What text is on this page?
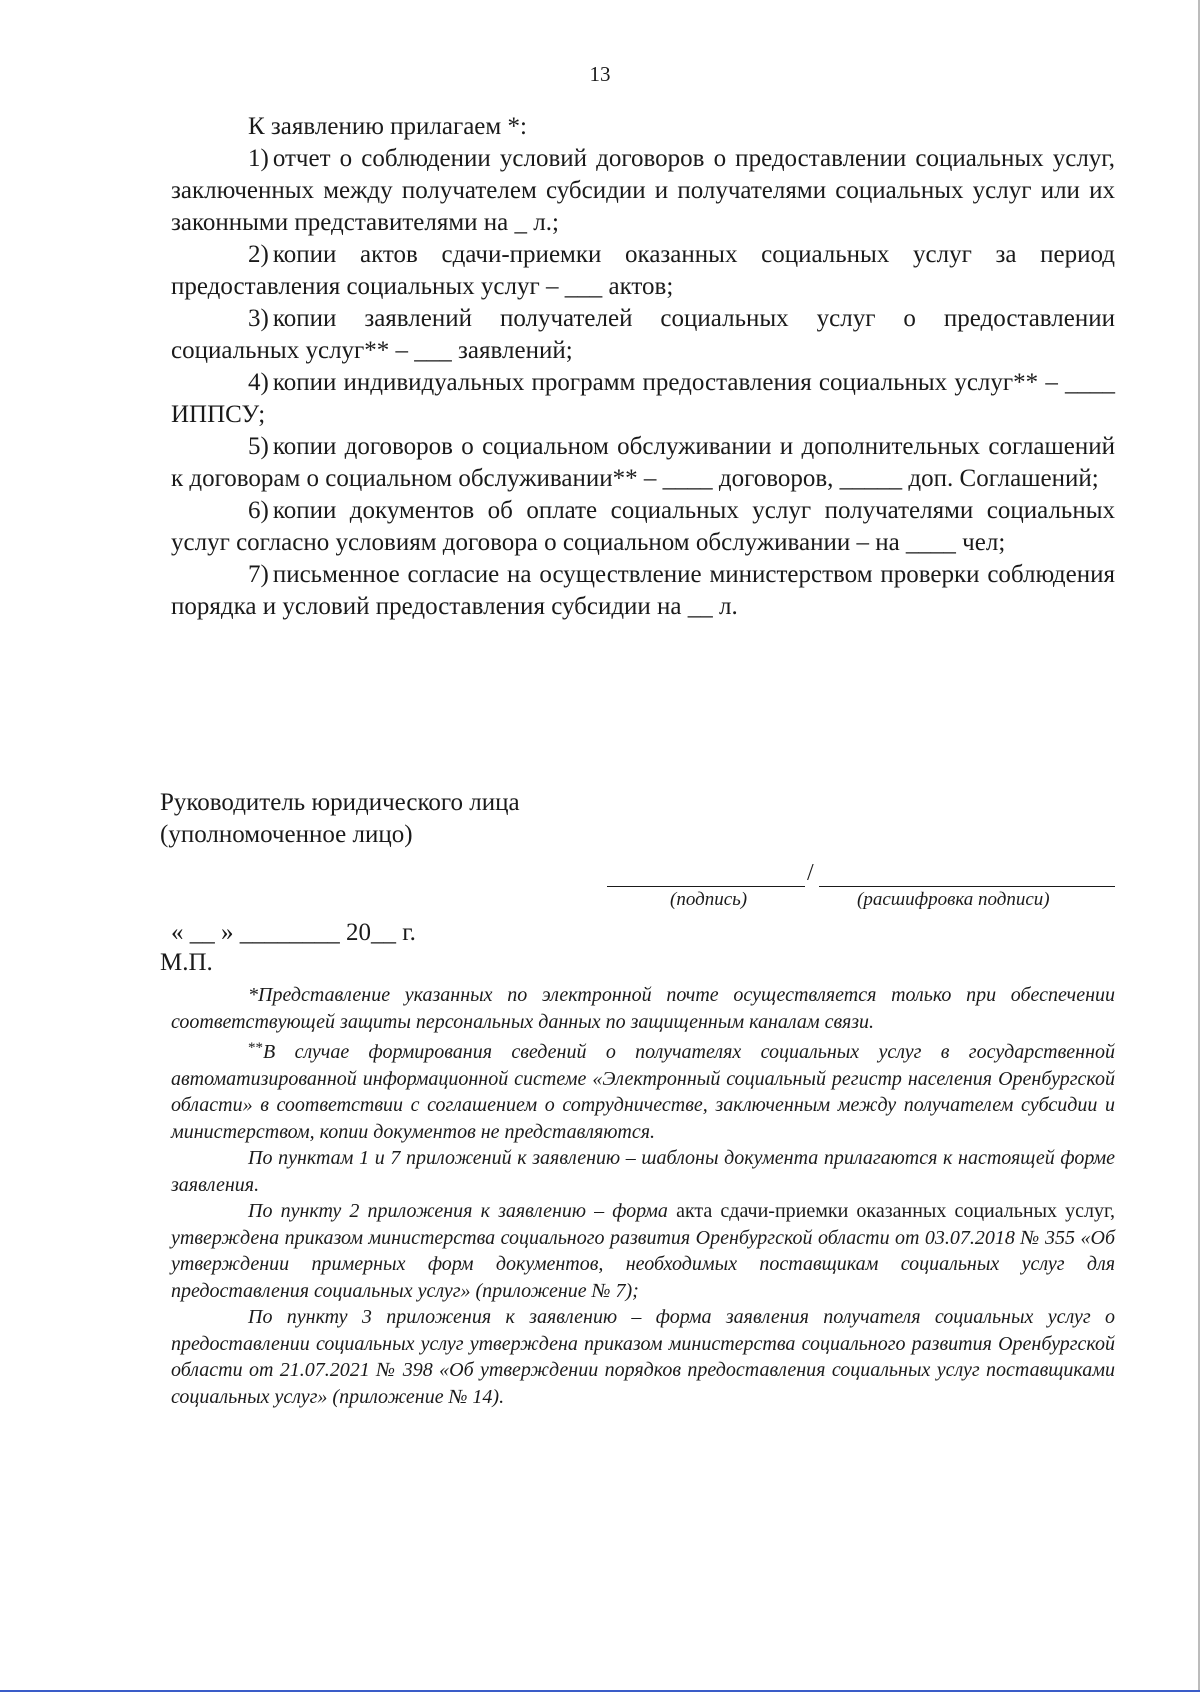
13

К заявлению прилагаем *:

1) отчет о соблюдении условий договоров о предоставлении социальных услуг, заключенных между получателем субсидии и получателями социальных услуг или их законными представителями на _ л.;

2) копии актов сдачи-приемки оказанных социальных услуг за период предоставления социальных услуг – ___ актов;

3) копии заявлений получателей социальных услуг о предоставлении социальных услуг** – ___ заявлений;

4) копии индивидуальных программ предоставления социальных услуг** – ____ ИППСУ;

5) копии договоров о социальном обслуживании и дополнительных соглашений к договорам о социальном обслуживании** – ____ договоров, _____ доп. Соглашений;

6) копии документов об оплате социальных услуг получателями социальных услуг согласно условиям договора о социальном обслуживании – на ____ чел;

7) письменное согласие на осуществление министерством проверки соблюдения порядка и условий предоставления субсидии на __ л.

Руководитель юридического лица
(уполномоченное лицо)
/
(подпись)	(расшифровка подписи)
« __ » ________ 20__ г.
М.П.

*Представление указанных по электронной почте осуществляется только при обеспечении соответствующей защиты персональных данных по защищенным каналам связи.

**В случае формирования сведений о получателях социальных услуг в государственной автоматизированной информационной системе «Электронный социальный регистр населения Оренбургской области» в соответствии с соглашением о сотрудничестве, заключенным между получателем субсидии и министерством, копии документов не представляются.

По пунктам 1 и 7 приложений к заявлению – шаблоны документа прилагаются к настоящей форме заявления.

По пункту 2 приложения к заявлению – форма акта сдачи-приемки оказанных социальных услуг, утверждена приказом министерства социального развития Оренбургской области от 03.07.2018 № 355 «Об утверждении примерных форм документов, необходимых поставщикам социальных услуг для предоставления социальных услуг» (приложение № 7);

По пункту 3 приложения к заявлению – форма заявления получателя социальных услуг о предоставлении социальных услуг утверждена приказом министерства социального развития Оренбургской области от 21.07.2021 № 398 «Об утверждении порядков предоставления социальных услуг поставщиками социальных услуг» (приложение № 14).
